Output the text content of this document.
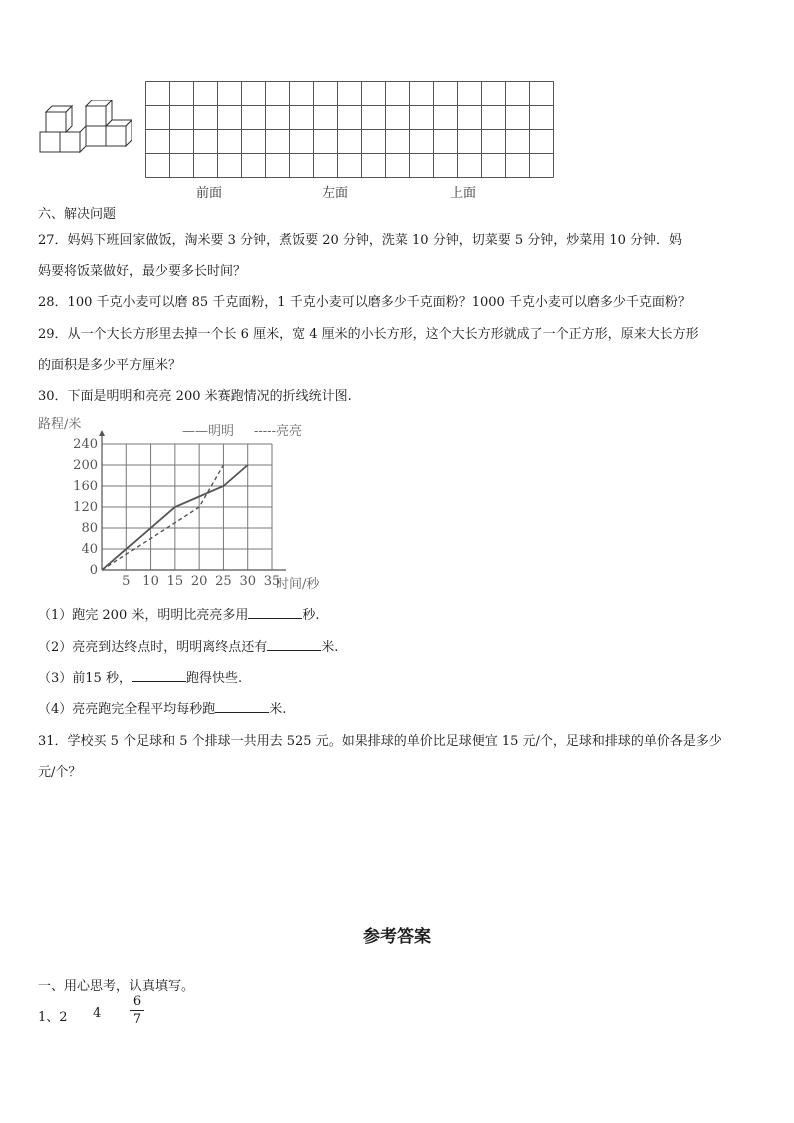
前面	左面	上面
六、解决问题
27．妈妈下班回家做饭，淘米要 3 分钟，煮饭要 20 分钟，洗菜 10 分钟，切菜要 5 分钟，炒菜用 10 分钟．妈
妈要将饭菜做好，最少要多长时间？
28．100 千克小麦可以磨 85 千克面粉，1 千克小麦可以磨多少千克面粉？1000 千克小麦可以磨多少千克面粉？
29．从一个大长方形里去掉一个长 6 厘米，宽 4 厘米的小长方形，这个大长方形就成了一个正方形，原来大长方形
的面积是多少平方厘米？
30．下面是明明和亮亮 200 米赛跑情况的折线统计图.
路程/米	——明明 -----亮亮
时间/秒
5 10 15 20 25 30 35
0
40
80
120
160
200
240
（1）跑完 200 米，明明比亮亮多用	秒.
（2）亮亮到达终点时，明明离终点还有	米.
（3）前15 秒，	跑得快些.
（4）亮亮跑完全程平均每秒跑	米.
31．学校买 5 个足球和 5 个排球一共用去 525 元。如果排球的单价比足球便宜 15 元/个，足球和排球的单价各是多少
元/个？
参考答案
一、用心思考，认真填写。
1、2 4
6
7
